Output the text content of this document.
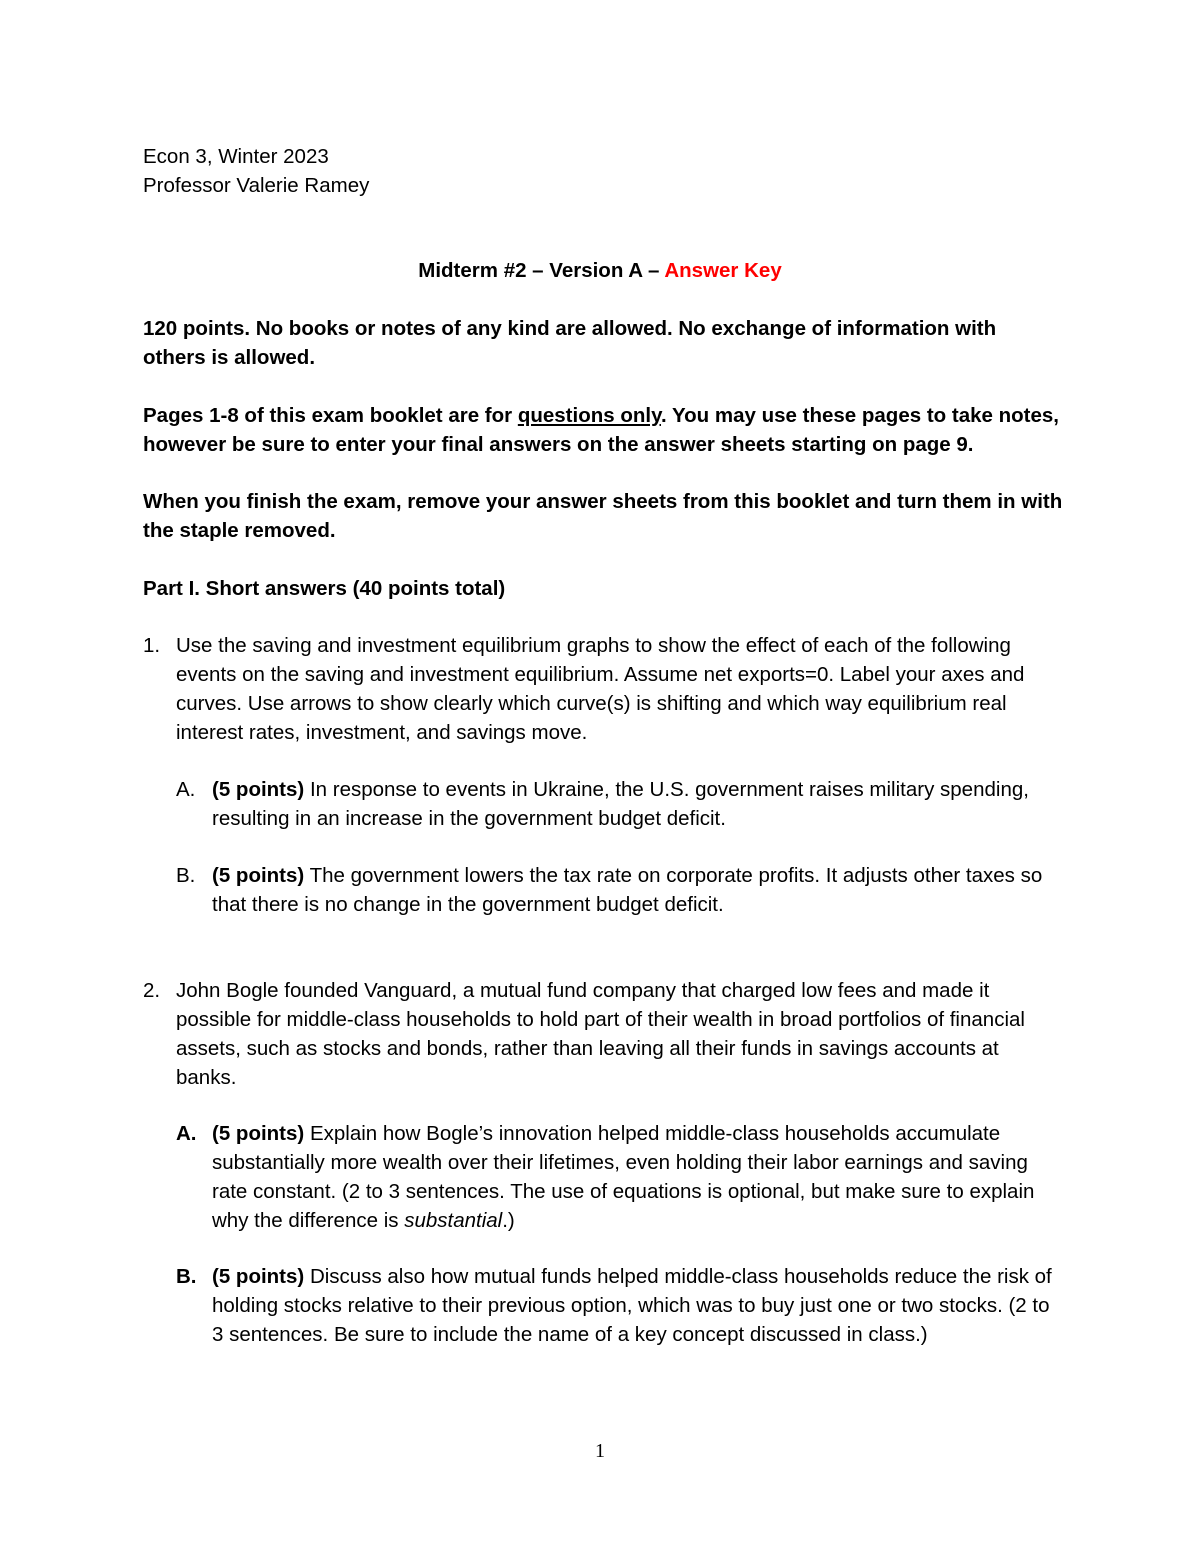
Econ 3, Winter 2023
Professor Valerie Ramey
Midterm #2 – Version A – Answer Key
120 points. No books or notes of any kind are allowed. No exchange of information with others is allowed.
Pages 1-8 of this exam booklet are for questions only. You may use these pages to take notes, however be sure to enter your final answers on the answer sheets starting on page 9.
When you finish the exam, remove your answer sheets from this booklet and turn them in with the staple removed.
Part I. Short answers (40 points total)
1. Use the saving and investment equilibrium graphs to show the effect of each of the following events on the saving and investment equilibrium. Assume net exports=0. Label your axes and curves. Use arrows to show clearly which curve(s) is shifting and which way equilibrium real interest rates, investment, and savings move.
A. (5 points) In response to events in Ukraine, the U.S. government raises military spending, resulting in an increase in the government budget deficit.
B. (5 points) The government lowers the tax rate on corporate profits. It adjusts other taxes so that there is no change in the government budget deficit.
2. John Bogle founded Vanguard, a mutual fund company that charged low fees and made it possible for middle-class households to hold part of their wealth in broad portfolios of financial assets, such as stocks and bonds, rather than leaving all their funds in savings accounts at banks.
A. (5 points) Explain how Bogle’s innovation helped middle-class households accumulate substantially more wealth over their lifetimes, even holding their labor earnings and saving rate constant. (2 to 3 sentences. The use of equations is optional, but make sure to explain why the difference is substantial.)
B. (5 points) Discuss also how mutual funds helped middle-class households reduce the risk of holding stocks relative to their previous option, which was to buy just one or two stocks. (2 to 3 sentences. Be sure to include the name of a key concept discussed in class.)
1
